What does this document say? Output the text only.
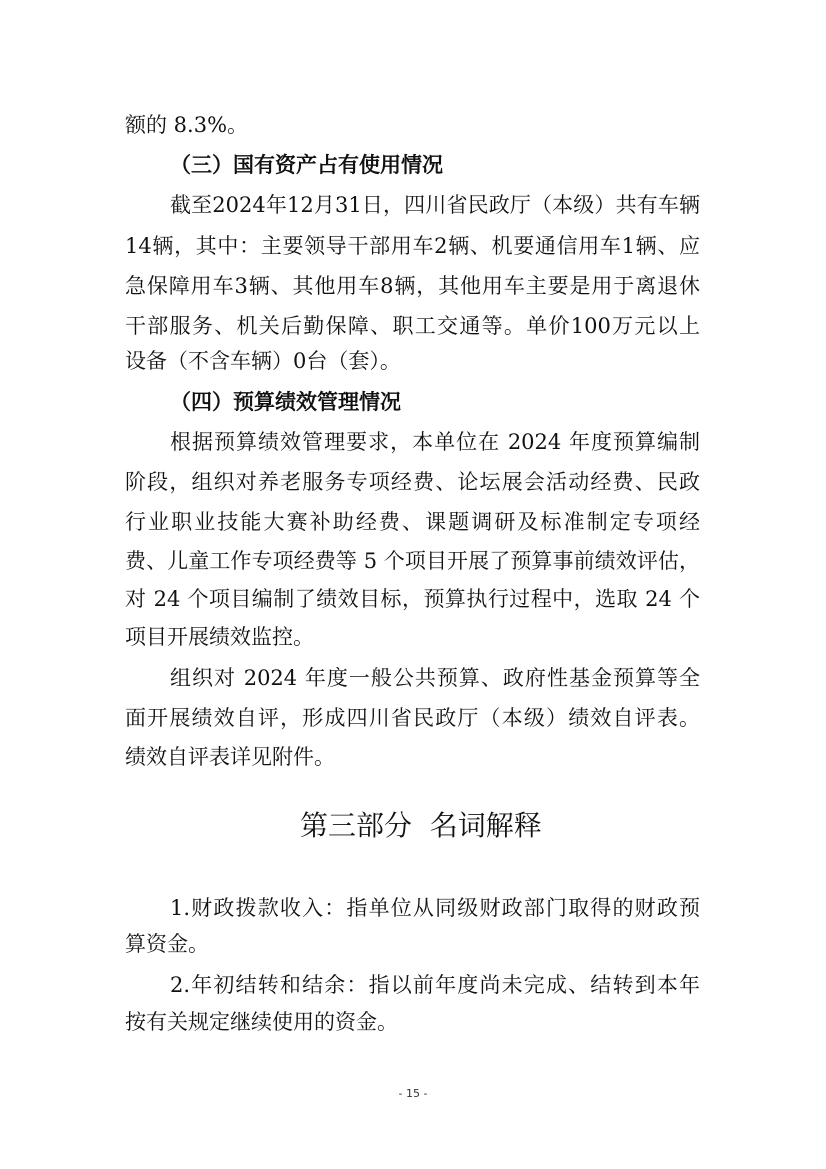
额的 8.3%。
（三）国有资产占有使用情况
截至2024年12月31日，四川省民政厅（本级）共有车辆
14辆，其中：主要领导干部用车2辆、机要通信用车1辆、应
急保障用车3辆、其他用车8辆，其他用车主要是用于离退休
干部服务、机关后勤保障、职工交通等。单价100万元以上
设备（不含车辆）0台（套）。
（四）预算绩效管理情况
根据预算绩效管理要求，本单位在 2024 年度预算编制
阶段，组织对养老服务专项经费、论坛展会活动经费、民政
行业职业技能大赛补助经费、课题调研及标准制定专项经
费、儿童工作专项经费等 5 个项目开展了预算事前绩效评估，
对 24 个项目编制了绩效目标，预算执行过程中，选取 24 个
项目开展绩效监控。
组织对 2024 年度一般公共预算、政府性基金预算等全
面开展绩效自评，形成四川省民政厅（本级）绩效自评表。
绩效自评表详见附件。
第三部分  名词解释
1.财政拨款收入：指单位从同级财政部门取得的财政预
算资金。
2.年初结转和结余：指以前年度尚未完成、结转到本年
按有关规定继续使用的资金。
- 15 -
